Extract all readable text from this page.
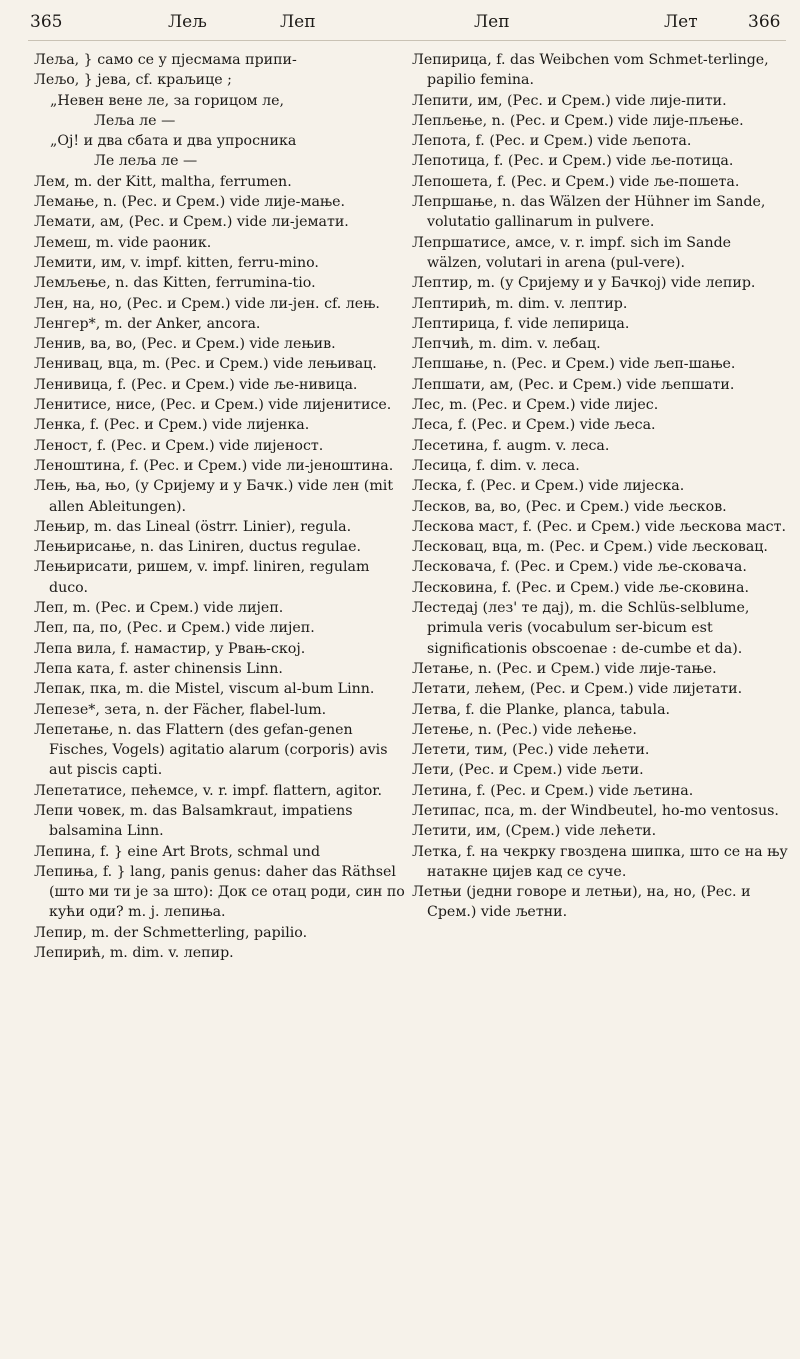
365	Лељ	Леп	Леп	Лет	366
Леља, } само се у пјесмама припи-
Лељо, } јева, cf. краљице ;
„Невен вене ле, за горицом ле,
Леља ле —
„Ој! и два сбата и два упросника
Ле леља ле —
Лем, m. der Kitt, maltha, ferrumen.
Лемање, n. (Рес. и Срем.) vide лије-мање.
Лемати, ам, (Рес. и Срем.) vide ли-јемати.
Лемеш, m. vide раоник.
Лемити, им, v. impf. kitten, ferru-mino.
Лемљење, n. das Kitten, ferrumina-tio.
Лен, на, но, (Рес. и Срем.) vide ли-јен. cf. лењ.
Ленгер*, m. der Anker, ancora.
Ленив, ва, во, (Рес. и Срем.) vide лењив.
Ленивац, вца, m. (Рес. и Срем.) vide лењивац.
Ленивица, f. (Рес. и Срем.) vide ље-нивица.
Ленитисе, нисе, (Рес. и Срем.) vide лијенитисе.
Ленка, f. (Рес. и Срем.) vide лијенка.
Леност, f. (Рес. и Срем.) vide лијеност.
Леноштина, f. (Рес. и Срем.) vide ли-јеноштина.
Лењ, ња, њо, (у Сријему и у Бачк.) vide лен (mit allen Ableitungen).
Лењир, m. das Lineal (östrr. Linier), regula.
Лењирисање, n. das Liniren, ductus regulae.
Лењирисати, ришем, v. impf. liniren, regulam duco.
Леп, m. (Рес. и Срем.) vide лијеп.
Леп, па, по, (Рес. и Срем.) vide лијеп.
Лепа вила, f. намастир, у Рвањ-ској.
Лепа ката, f. aster chinensis Linn.
Лепак, пка, m. die Mistel, viscum al-bum Linn.
Лепезе*, зета, n. der Fächer, flabel-lum.
Лепетање, n. das Flattern (des gefan-genen Fisches, Vogels) agitatio alarum (corporis) avis aut piscis capti.
Лепетатисе, пећемсе, v. r. impf. flattern, agitor.
Лепи човек, m. das Balsamkraut, impatiens balsamina Linn.
Лепина, f. } eine Art Brots, schmal und
Лепиња, f. } lang, panis genus: daher das Räthsel (што ми ти је за што): Док се отац роди, син по кући оди? m. j. лепиња.
Лепир, m. der Schmetterling, papilio.
Лепирић, m. dim. v. лепир.
Лепирица, f. das Weibchen vom Schmet-terlinge, papilio femina.
Лепити, им, (Рес. и Срем.) vide лије-пити.
Лепљење, n. (Рес. и Срем.) vide лије-пљење.
Лепота, f. (Рес. и Срем.) vide љепота.
Лепотица, f. (Рес. и Срем.) vide ље-потица.
Лепошета, f. (Рес. и Срем.) vide ље-пошета.
Лепршање, n. das Wälzen der Hühner im Sande, volutatio gallinarum in pulvere.
Лепршатисе, амсе, v. r. impf. sich im Sande wälzen, volutari in arena (pul-vere).
Лептир, m. (у Сријему и у Бачкој) vide лепир.
Лептирић, m. dim. v. лептир.
Лептирица, f. vide лепирица.
Лепчић, m. dim. v. лебац.
Лепшање, n. (Рес. и Срем.) vide љеп-шање.
Лепшати, ам, (Рес. и Срем.) vide љепшати.
Лес, m. (Рес. и Срем.) vide лијес.
Леса, f. (Рес. и Срем.) vide љеса.
Лесетина, f. augm. v. леса.
Лесица, f. dim. v. леса.
Леска, f. (Рес. и Срем.) vide лијеска.
Лесков, ва, во, (Рес. и Срем.) vide љесков.
Лескова маст, f. (Рес. и Срем.) vide љескова маст.
Лесковац, вца, m. (Рес. и Срем.) vide љесковац.
Лесковача, f. (Рес. и Срем.) vide ље-сковача.
Лесковина, f. (Рес. и Срем.) vide ље-сковина.
Лестедај (лез' те дај), m. die Schlüs-selblume, primula veris (vocabulum ser-bicum est significationis obscoenae : de-cumbe et da).
Летање, n. (Рес. и Срем.) vide лије-тање.
Летати, лећем, (Рес. и Срем.) vide лијетати.
Летва, f. die Planke, planca, tabula.
Летење, n. (Рес.) vide лећење.
Летети, тим, (Рес.) vide лећети.
Лети, (Рес. и Срем.) vide љети.
Летина, f. (Рес. и Срем.) vide љетина.
Летипас, пса, m. der Windbeutel, ho-mo ventosus.
Летити, им, (Срем.) vide лећети.
Летка, f. на чекрку гвоздена шипка, што се на њу натакне цијев кад се суче.
Летњи (једни говоре и летњи), на, но, (Рес. и Срем.) vide љетни.
